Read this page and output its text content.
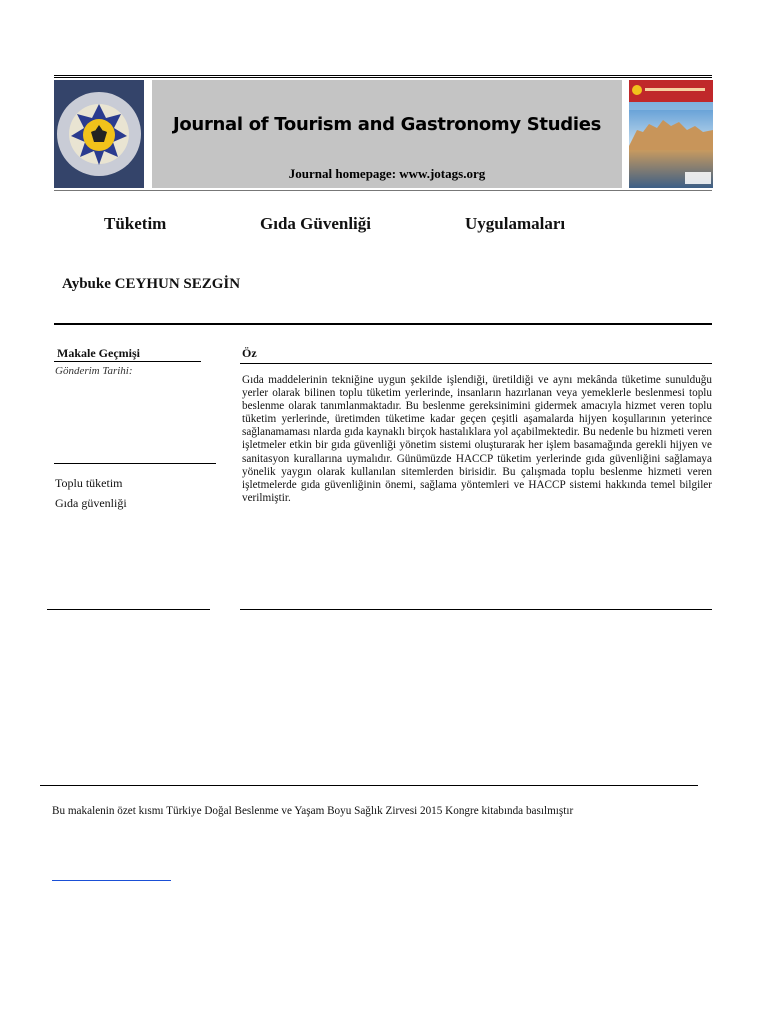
Journal of Tourism and Gastronomy Studies
Journal homepage: www.jotags.org
Tüketim	Gıda Güvenliği	Uygulamaları
Aybuke CEYHUN SEZGİN
Makale Geçmişi
Gönderim Tarihi:
Toplu tüketim
Gıda güvenliği
Öz

Gıda maddelerinin tekniğine uygun şekilde işlendiği, üretildiği ve aynı mekânda tüketime sunulduğu yerler olarak bilinen toplu tüketim yerlerinde, insanların hazırlanan veya yemeklerle beslenmesi toplu beslenme olarak tanımlanmaktadır. Bu beslenme gereksinimini gidermek amacıyla hizmet veren toplu tüketim yerlerinde, üretimden tüketime kadar geçen çeşitli aşamalarda hijyen koşullarının yeterince sağlanamaması nlarda gıda kaynaklı birçok hastalıklara yol açabilmektedir. Bu nedenle bu hizmeti veren işletmeler etkin bir gıda güvenliği yönetim sistemi oluşturarak her işlem basamağında gerekli hijyen ve sanitasyon kurallarına uymalıdır. Günümüzde HACCP tüketim yerlerinde gıda güvenliğini sağlamaya yönelik yaygın olarak kullanılan sitemlerden birisidir. Bu çalışmada toplu beslenme hizmeti veren işletmelerde gıda güvenliğinin önemi, sağlama yöntemleri ve HACCP sistemi hakkında temel bilgiler verilmiştir.

Bu makalenin özet kısmı Türkiye Doğal Beslenme ve Yaşam Boyu Sağlık Zirvesi 2015 Kongre kitabında basılmıştır
